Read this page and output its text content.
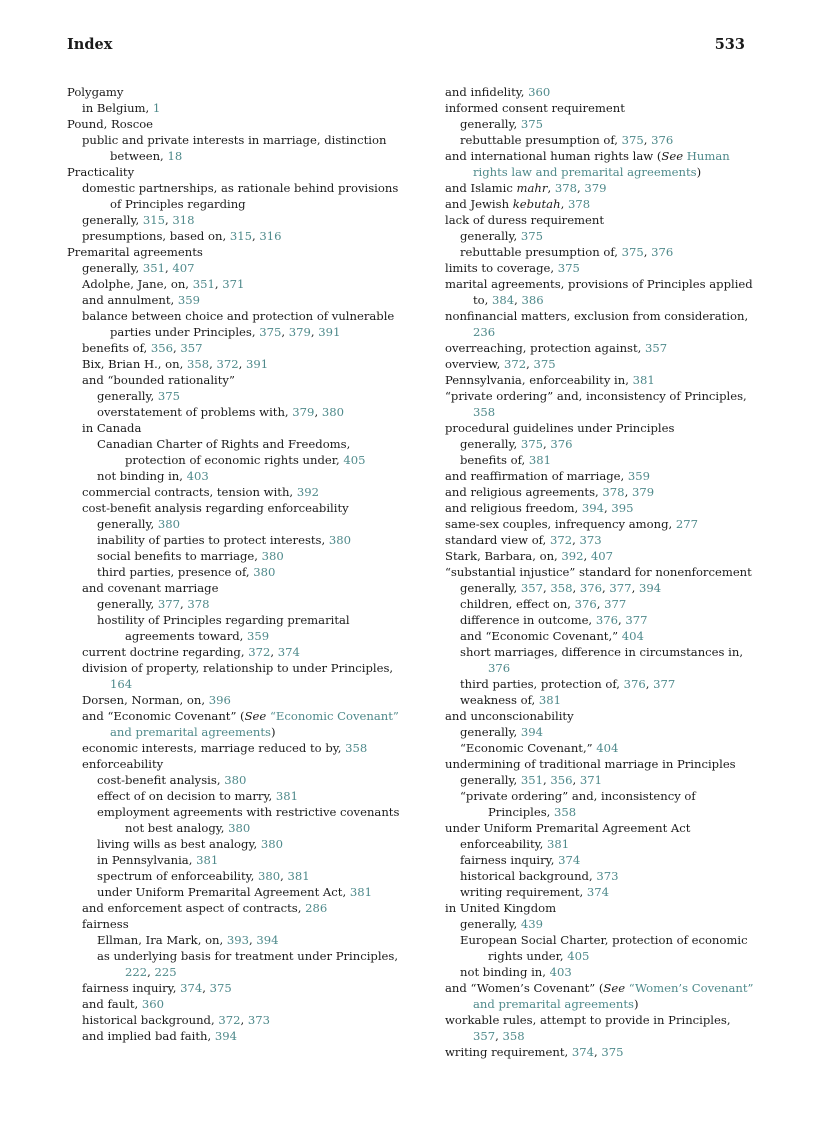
Index	533
Polygamy
in Belgium, 1
Pound, Roscoe
public and private interests in marriage, distinction between, 18
Practicality
domestic partnerships, as rationale behind provisions of Principles regarding
generally, 315, 318
presumptions, based on, 315, 316
Premarital agreements
generally, 351, 407
Adolphe, Jane, on, 351, 371
and annulment, 359
balance between choice and protection of vulnerable parties under Principles, 375, 379, 391
benefits of, 356, 357
Bix, Brian H., on, 358, 372, 391
and “bounded rationality”
generally, 375
overstatement of problems with, 379, 380
in Canada
Canadian Charter of Rights and Freedoms, protection of economic rights under, 405
not binding in, 403
commercial contracts, tension with, 392
cost-benefit analysis regarding enforceability
generally, 380
inability of parties to protect interests, 380
social benefits to marriage, 380
third parties, presence of, 380
and covenant marriage
generally, 377, 378
hostility of Principles regarding premarital agreements toward, 359
current doctrine regarding, 372, 374
division of property, relationship to under Principles, 164
Dorsen, Norman, on, 396
and “Economic Covenant” (See “Economic Covenant” and premarital agreements)
economic interests, marriage reduced to by, 358
enforceability
cost-benefit analysis, 380
effect of on decision to marry, 381
employment agreements with restrictive covenants not best analogy, 380
living wills as best analogy, 380
in Pennsylvania, 381
spectrum of enforceability, 380, 381
under Uniform Premarital Agreement Act, 381
and enforcement aspect of contracts, 286
fairness
Ellman, Ira Mark, on, 393, 394
as underlying basis for treatment under Principles, 222, 225
fairness inquiry, 374, 375
and fault, 360
historical background, 372, 373
and implied bad faith, 394
and infidelity, 360
informed consent requirement
generally, 375
rebuttable presumption of, 375, 376
and international human rights law (See Human rights law and premarital agreements)
and Islamic mahr, 378, 379
and Jewish kebutah, 378
lack of duress requirement
generally, 375
rebuttable presumption of, 375, 376
limits to coverage, 375
marital agreements, provisions of Principles applied to, 384, 386
nonfinancial matters, exclusion from consideration, 236
overreaching, protection against, 357
overview, 372, 375
Pennsylvania, enforceability in, 381
“private ordering” and, inconsistency of Principles, 358
procedural guidelines under Principles
generally, 375, 376
benefits of, 381
and reaffirmation of marriage, 359
and religious agreements, 378, 379
and religious freedom, 394, 395
same-sex couples, infrequency among, 277
standard view of, 372, 373
Stark, Barbara, on, 392, 407
“substantial injustice” standard for nonenforcement
generally, 357, 358, 376, 377, 394
children, effect on, 376, 377
difference in outcome, 376, 377
and “Economic Covenant,” 404
short marriages, difference in circumstances in, 376
third parties, protection of, 376, 377
weakness of, 381
and unconscionability
generally, 394
“Economic Covenant,” 404
undermining of traditional marriage in Principles
generally, 351, 356, 371
“private ordering” and, inconsistency of Principles, 358
under Uniform Premarital Agreement Act
enforceability, 381
fairness inquiry, 374
historical background, 373
writing requirement, 374
in United Kingdom
generally, 439
European Social Charter, protection of economic rights under, 405
not binding in, 403
and “Women’s Covenant” (See “Women’s Covenant” and premarital agreements)
workable rules, attempt to provide in Principles, 357, 358
writing requirement, 374, 375
